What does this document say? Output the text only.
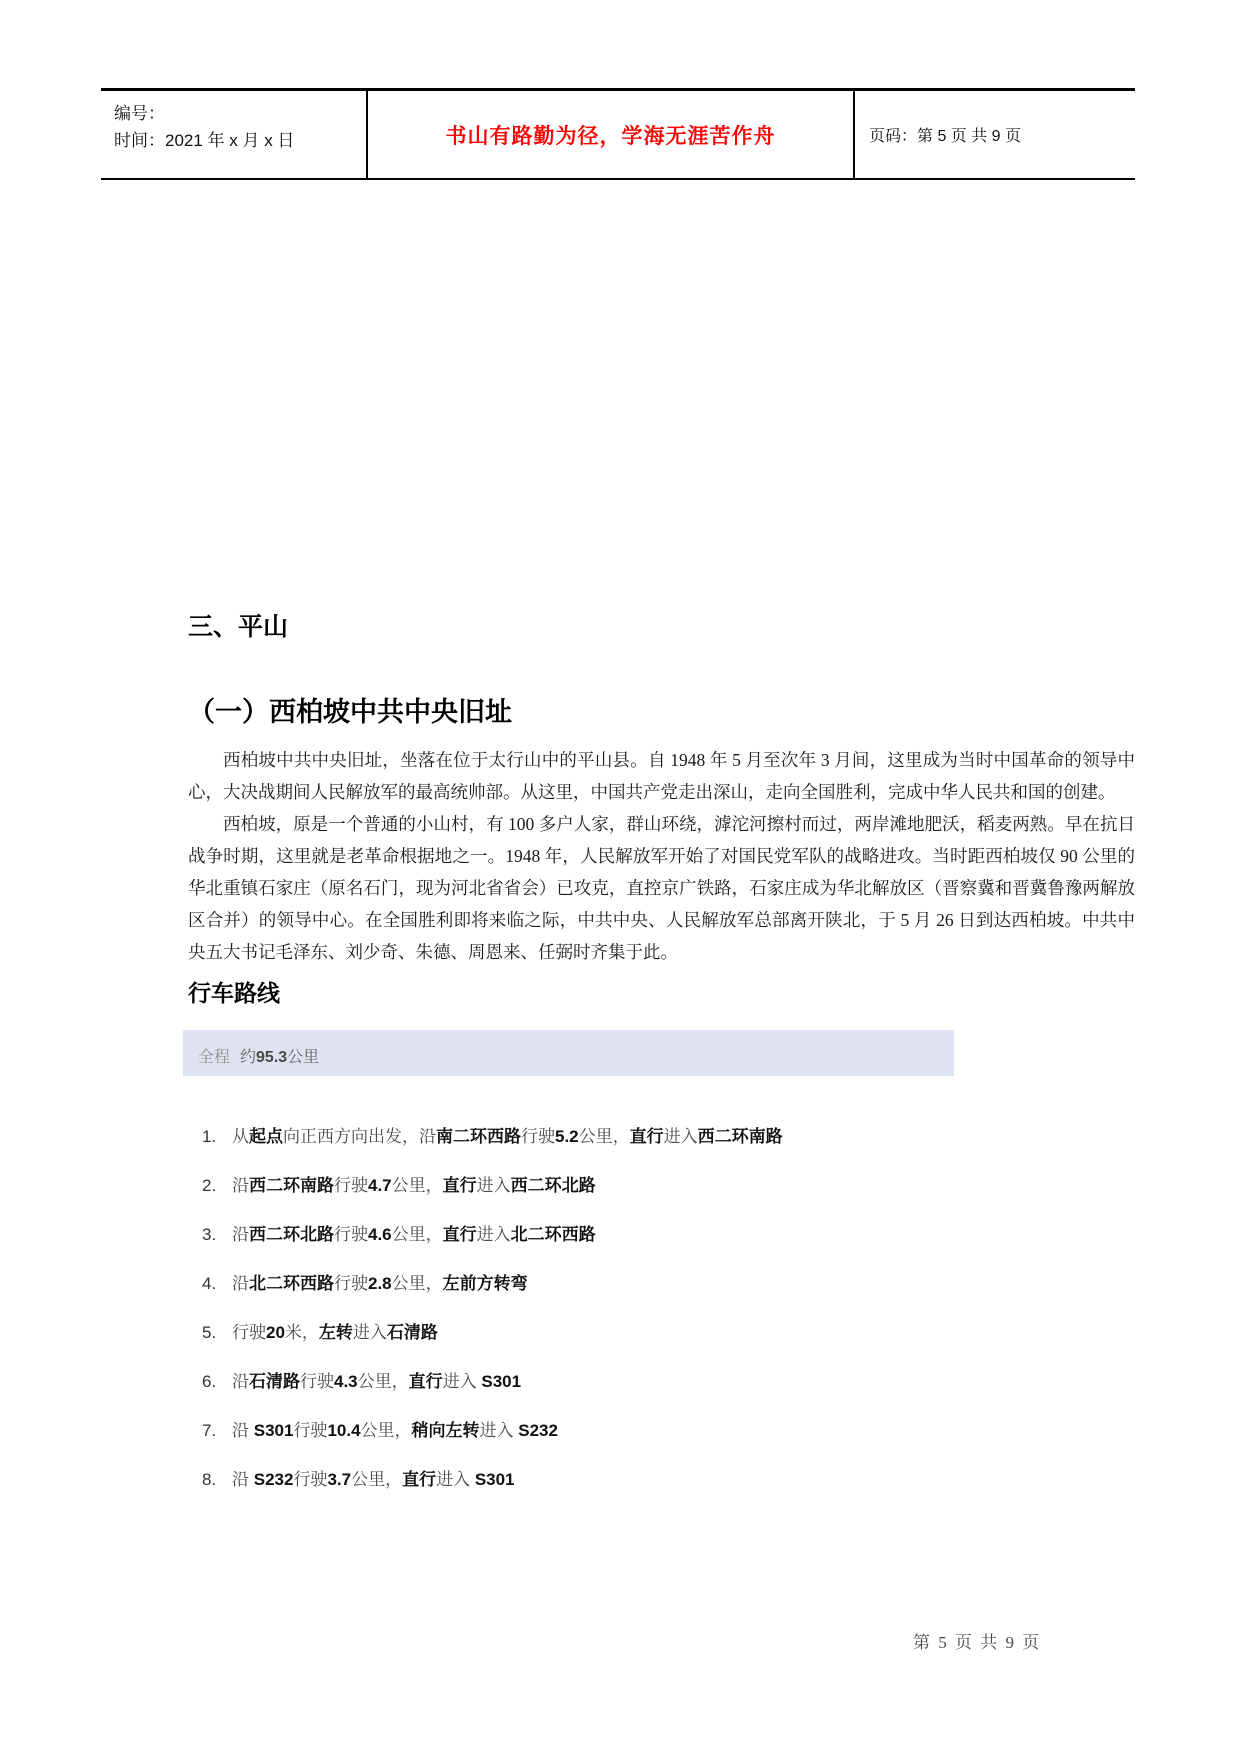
编号：
时间：2021 年 x 月 x 日	书山有路勤为径，学海无涯苦作舟	页码：第 5 页 共 9 页
三、平山
（一）西柏坡中共中央旧址

西柏坡中共中央旧址，坐落在位于太行山中的平山县。自 1948 年 5 月至次年 3 月间，这里成为当时中国革命的领导中心，大决战期间人民解放军的最高统帅部。从这里，中国共产党走出深山，走向全国胜利，完成中华人民共和国的创建。

西柏坡，原是一个普通的小山村，有 100 多户人家，群山环绕，滹沱河擦村而过，两岸滩地肥沃，稻麦两熟。早在抗日战争时期，这里就是老革命根据地之一。1948 年，人民解放军开始了对国民党军队的战略进攻。当时距西柏坡仅 90 公里的华北重镇石家庄（原名石门，现为河北省省会）已攻克，直控京广铁路，石家庄成为华北解放区（晋察冀和晋冀鲁豫两解放区合并）的领导中心。在全国胜利即将来临之际，中共中央、人民解放军总部离开陕北，于 5 月 26 日到达西柏坡。中共中央五大书记毛泽东、刘少奇、朱德、周恩来、任弼时齐集于此。

行车路线
全程 约95.3公里
1. 从起点向正西方向出发，沿南二环西路行驶5.2公里，直行进入西二环南路
2. 沿西二环南路行驶4.7公里，直行进入西二环北路
3. 沿西二环北路行驶4.6公里，直行进入北二环西路
4. 沿北二环西路行驶2.8公里，左前方转弯
5. 行驶20米，左转进入石清路
6. 沿石清路行驶4.3公里，直行进入 S301
7. 沿 S301行驶10.4公里，稍向左转进入 S232
8. 沿 S232行驶3.7公里，直行进入 S301
第 5 页 共 9 页
